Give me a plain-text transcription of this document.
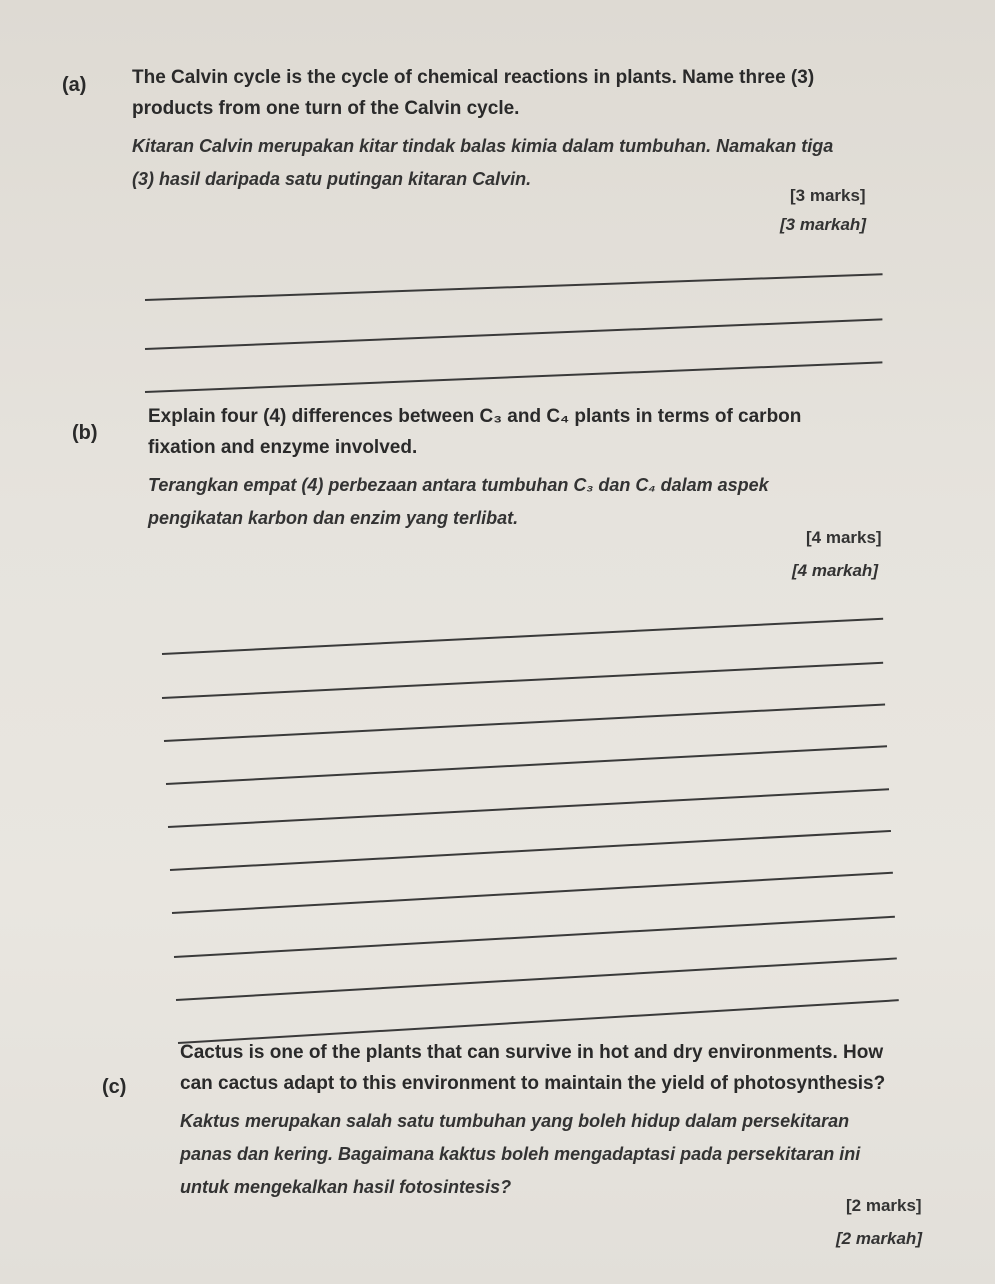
(a) The Calvin cycle is the cycle of chemical reactions in plants. Name three (3) products from one turn of the Calvin cycle.

Kitaran Calvin merupakan kitar tindak balas kimia dalam tumbuhan. Namakan tiga (3) hasil daripada satu putingan kitaran Calvin.

[3 marks]
[3 markah]
(b)

Explain four (4) differences between C₃ and C₄ plants in terms of carbon fixation and enzyme involved.

Terangkan empat (4) perbezaan antara tumbuhan C₃ dan C₄ dalam aspek pengikatan karbon dan enzim yang terlibat.

[4 marks]
[4 markah]
(c)

Cactus is one of the plants that can survive in hot and dry environments. How can cactus adapt to this environment to maintain the yield of photosynthesis?

Kaktus merupakan salah satu tumbuhan yang boleh hidup dalam persekitaran panas dan kering. Bagaimana kaktus boleh mengadaptasi pada persekitaran ini untuk mengekalkan hasil fotosintesis?

[2 marks]
[2 markah]
